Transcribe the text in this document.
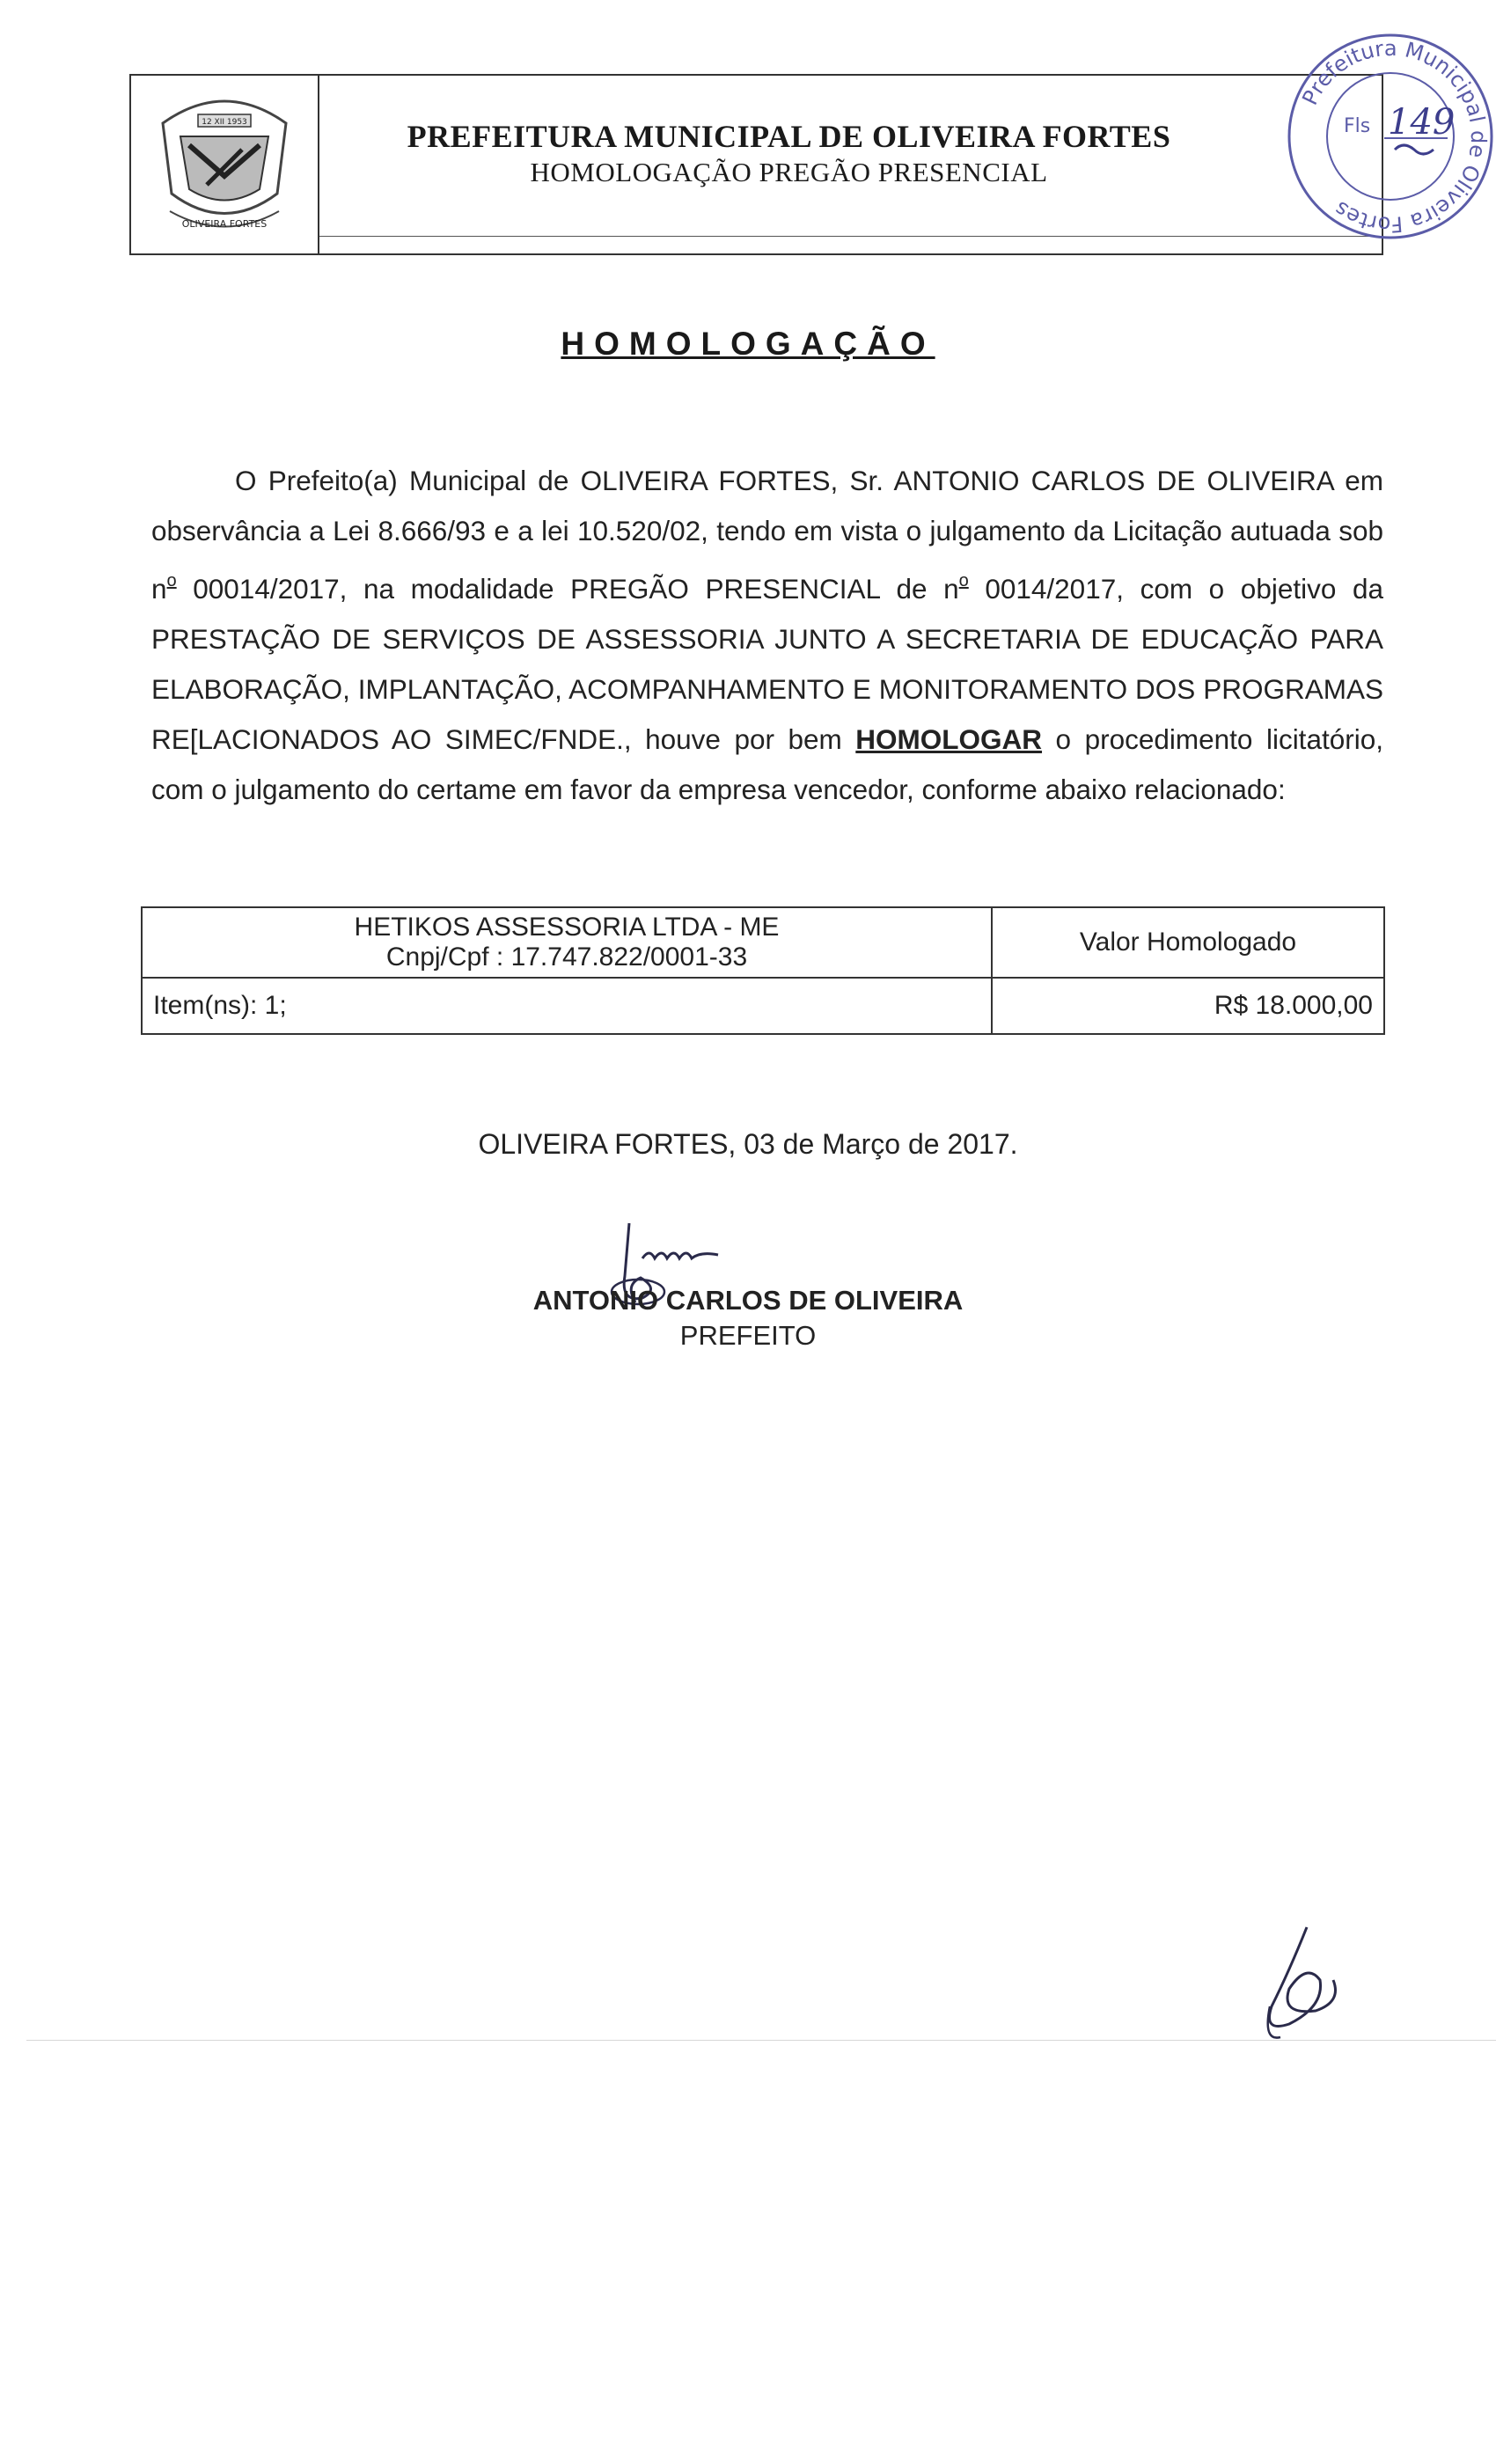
12 XII 1953
OLIVEIRA FORTES
PREFEITURA MUNICIPAL DE OLIVEIRA FORTES
HOMOLOGAÇÃO PREGÃO PRESENCIAL
Prefeitura Municipal de Oliveira Fortes
Fls 149
HOMOLOGAÇÃO

O Prefeito(a) Municipal de OLIVEIRA FORTES, Sr. ANTONIO CARLOS DE OLIVEIRA em observância a Lei 8.666/93 e a lei 10.520/02, tendo em vista o julgamento da Licitação autuada sob $n^o$ 00014/2017, na modalidade PREGÃO PRESENCIAL de $n^o$ 0014/2017, com o objetivo da PRESTAÇÃO DE SERVIÇOS DE ASSESSORIA JUNTO A SECRETARIA DE EDUCAÇÃO PARA ELABORAÇÃO, IMPLANTAÇÃO, ACOMPANHAMENTO E MONITORAMENTO DOS PROGRAMAS RE[LACIONADOS AO SIMEC/FNDE., houve por bem HOMOLOGAR o procedimento licitatório, com o julgamento do certame em favor da empresa vencedor, conforme abaixo relacionado:

HETIKOS ASSESSORIA LTDA - ME
Cnpj/Cpf : 17.747.822/0001-33	Valor Homologado
Item(ns): 1;	R$ 18.000,00
OLIVEIRA FORTES, 03 de Março de 2017.
ANTONIO CARLOS DE OLIVEIRA
PREFEITO
